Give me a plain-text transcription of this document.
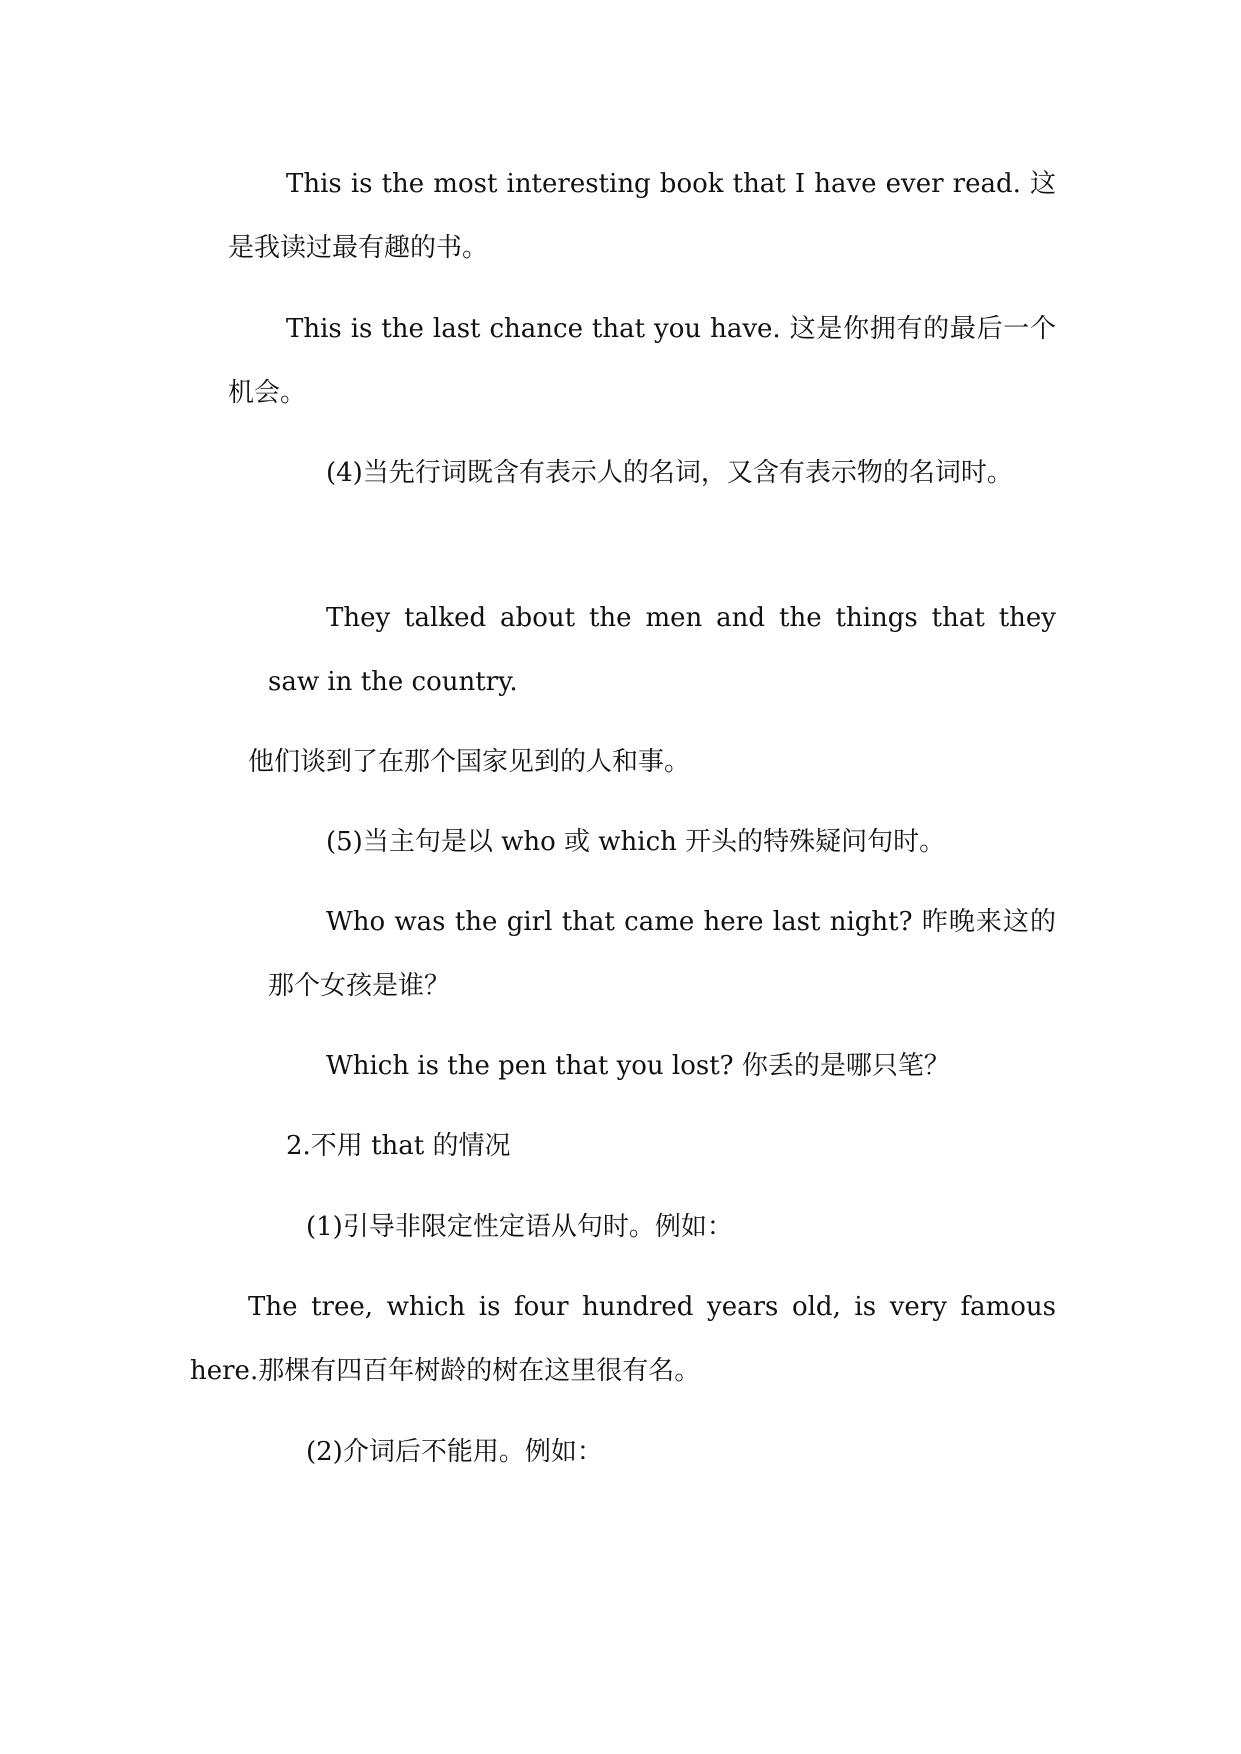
This is the most interesting book that I have ever read. 这是我读过最有趣的书。

This is the last chance that you have. 这是你拥有的最后一个机会。

(4)当先行词既含有表示人的名词，又含有表示物的名词时。

They talked about the men and the things that they saw in the country.

他们谈到了在那个国家见到的人和事。

(5)当主句是以 who 或 which 开头的特殊疑问句时。

Who was the girl that came here last night? 昨晚来这的那个女孩是谁？

Which is the pen that you lost? 你丢的是哪只笔？

2.不用 that 的情况

(1)引导非限定性定语从句时。例如：

The tree, which is four hundred years old, is very famous here.那棵有四百年树龄的树在这里很有名。

(2)介词后不能用。例如：
